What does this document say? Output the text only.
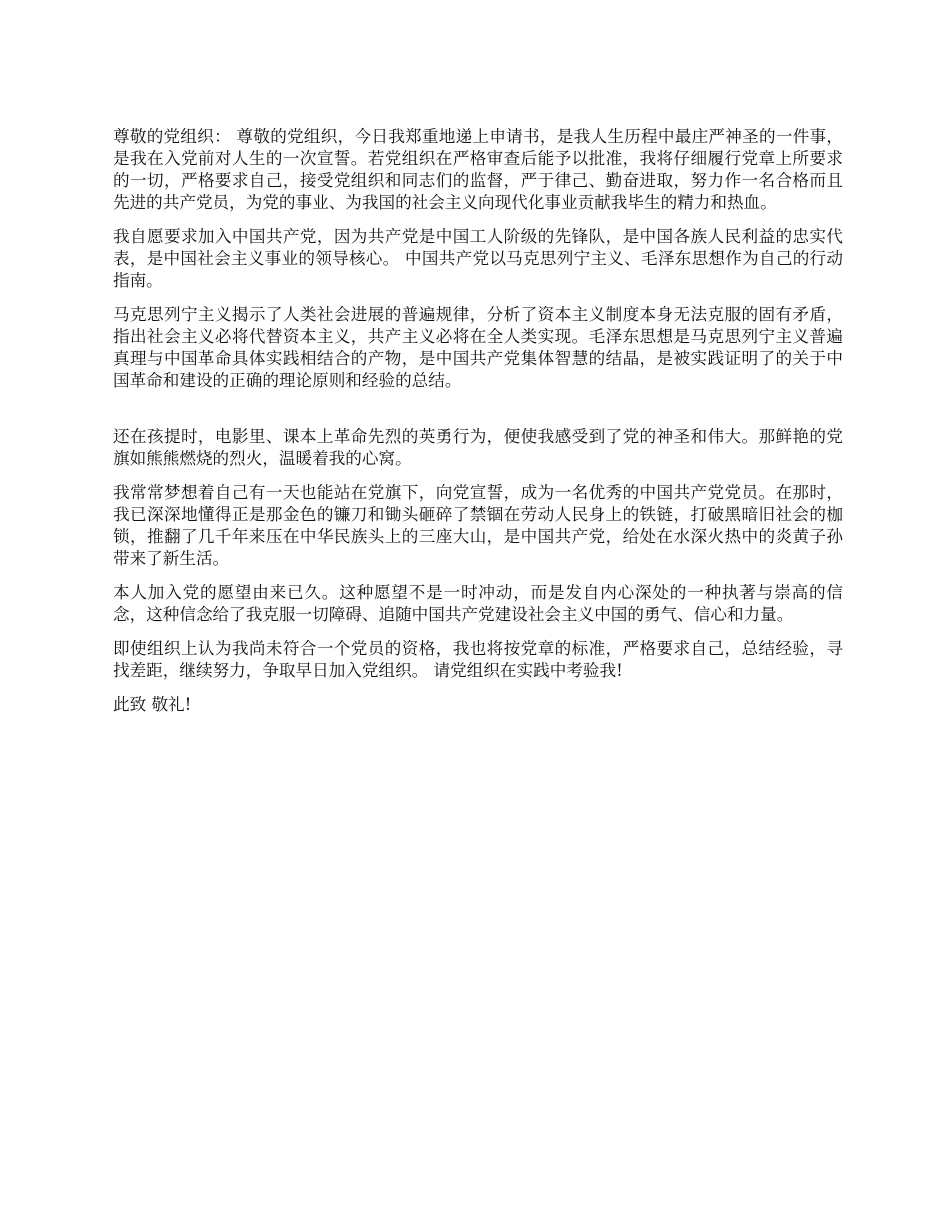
尊敬的党组织： 尊敬的党组织，今日我郑重地递上申请书，是我人生历程中最庄严神圣的一件事，是我在入党前对人生的一次宣誓。若党组织在严格审查后能予以批准，我将仔细履行党章上所要求的一切，严格要求自己，接受党组织和同志们的监督，严于律己、勤奋进取，努力作一名合格而且先进的共产党员，为党的事业、为我国的社会主义向现代化事业贡献我毕生的精力和热血。

我自愿要求加入中国共产党，因为共产党是中国工人阶级的先锋队，是中国各族人民利益的忠实代表，是中国社会主义事业的领导核心。 中国共产党以马克思列宁主义、毛泽东思想作为自己的行动指南。

马克思列宁主义揭示了人类社会进展的普遍规律，分析了资本主义制度本身无法克服的固有矛盾，指出社会主义必将代替资本主义，共产主义必将在全人类实现。毛泽东思想是马克思列宁主义普遍真理与中国革命具体实践相结合的产物，是中国共产党集体智慧的结晶，是被实践证明了的关于中国革命和建设的正确的理论原则和经验的总结。

还在孩提时，电影里、课本上革命先烈的英勇行为，便使我感受到了党的神圣和伟大。那鲜艳的党旗如熊熊燃烧的烈火，温暖着我的心窝。

我常常梦想着自己有一天也能站在党旗下，向党宣誓，成为一名优秀的中国共产党党员。在那时，我已深深地懂得正是那金色的镰刀和锄头砸碎了禁锢在劳动人民身上的铁链，打破黑暗旧社会的枷锁，推翻了几千年来压在中华民族头上的三座大山，是中国共产党，给处在水深火热中的炎黄子孙带来了新生活。

本人加入党的愿望由来已久。这种愿望不是一时冲动，而是发自内心深处的一种执著与崇高的信念，这种信念给了我克服一切障碍、追随中国共产党建设社会主义中国的勇气、信心和力量。

即使组织上认为我尚未符合一个党员的资格，我也将按党章的标准，严格要求自己，总结经验，寻找差距，继续努力，争取早日加入党组织。 请党组织在实践中考验我!

此致 敬礼!
